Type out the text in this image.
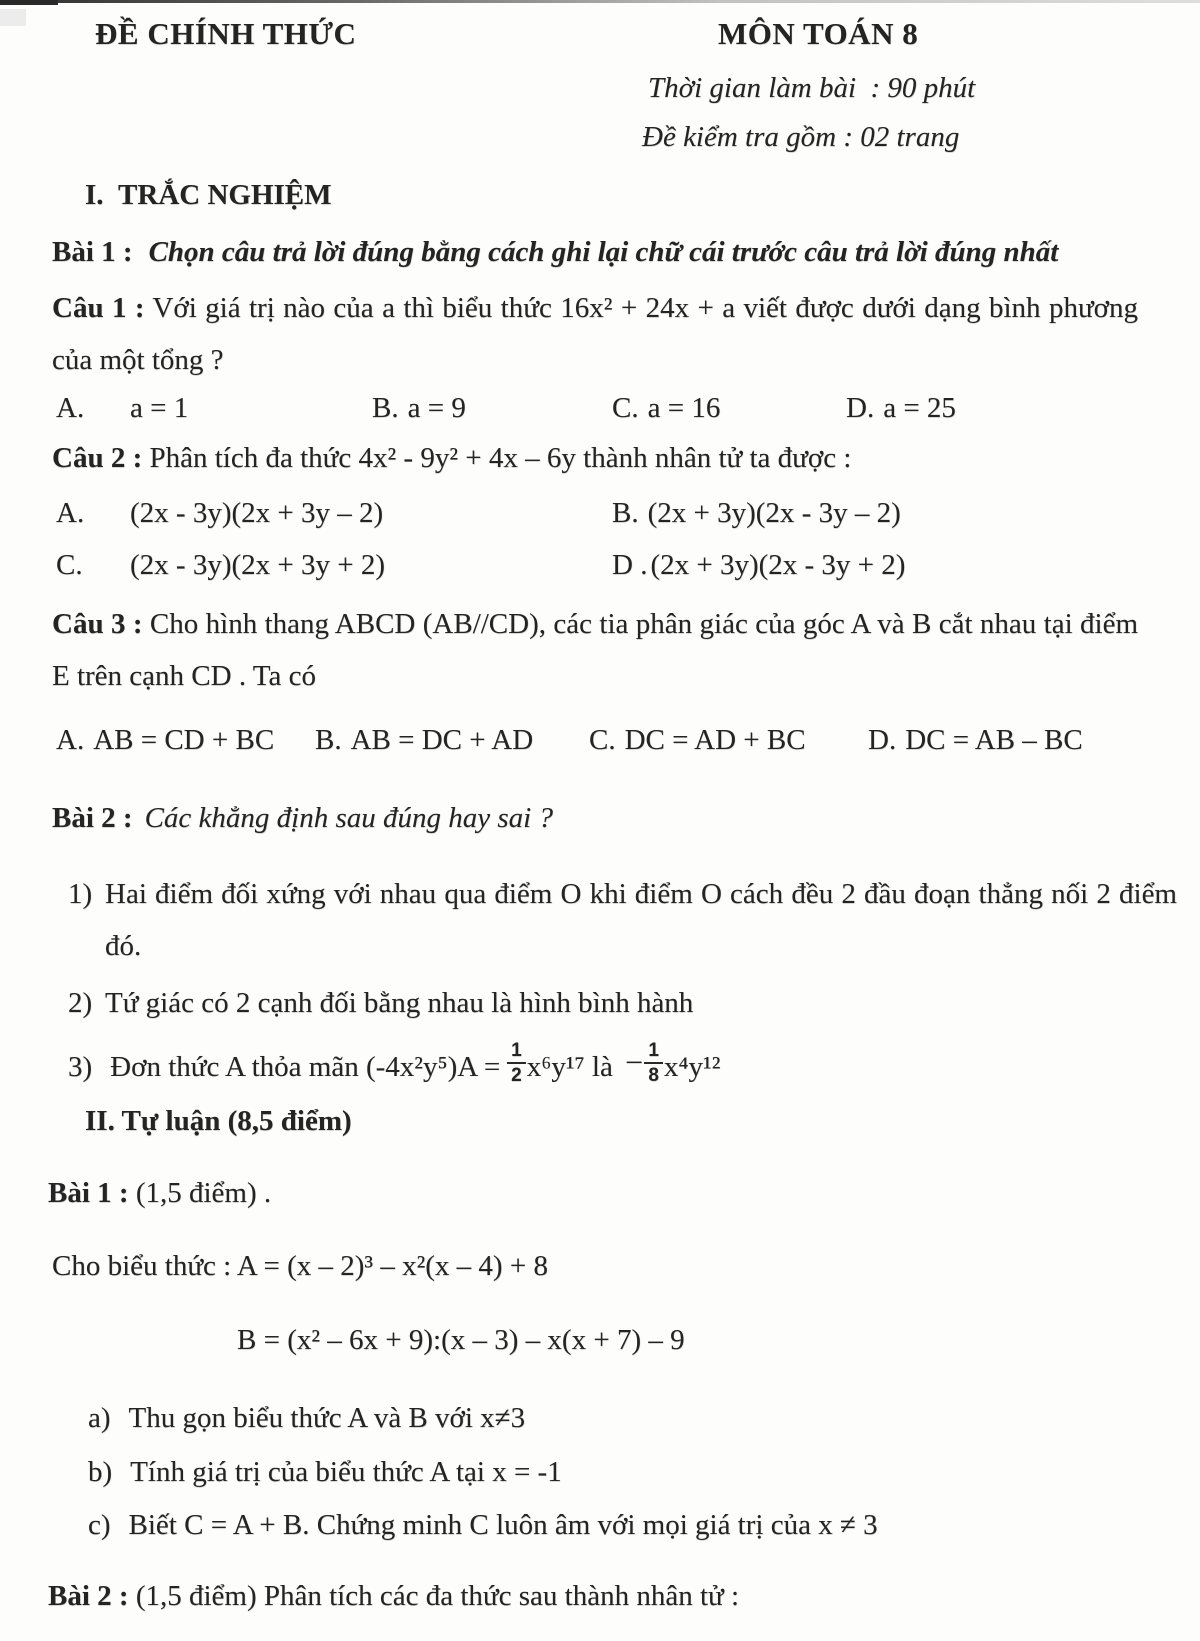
ĐỀ CHÍNH THỨC	MÔN TOÁN 8
Thời gian làm bài  : 90 phút
Đề kiểm tra gồm : 02 trang
I.  TRẮC NGHIỆM
Bài 1 : Chọn câu trả lời đúng bằng cách ghi lại chữ cái trước câu trả lời đúng nhất
Câu 1 : Với giá trị nào của a thì biểu thức 16x² + 24x + a viết được dưới dạng bình phương của một tổng ?
A. a = 1	B. a = 9	C. a = 16	D. a = 25
Câu 2 : Phân tích đa thức 4x² - 9y² + 4x – 6y thành nhân tử ta được :
A. (2x - 3y)(2x + 3y – 2)	B. (2x + 3y)(2x - 3y – 2)
C. (2x - 3y)(2x + 3y + 2)	D . (2x + 3y)(2x - 3y + 2)
Câu 3 : Cho hình thang ABCD (AB//CD), các tia phân giác của góc A và B cắt nhau tại điểm E trên cạnh CD . Ta có
A. AB = CD + BC B. AB = DC + AD C. DC = AD + BC D. DC = AB – BC
Bài 2 : Các khẳng định sau đúng hay sai ?
1) Hai điểm đối xứng với nhau qua điểm O khi điểm O cách đều 2 đầu đoạn thẳng nối 2 điểm đó.
2) Tứ giác có 2 cạnh đối bằng nhau là hình bình hành
3) Đơn thức A thỏa mãn $(-4x^2y^5)A = \frac{1}{2} x^6y^{17}$ là – $\frac{1}{8} x^4y^{12}$
II. Tự luận (8,5 điểm)
Bài 1 : (1,5 điểm) .
Cho biểu thức : A = (x – 2)³ – x²(x – 4) + 8
B = (x² – 6x + 9):(x – 3) – x(x + 7) – 9
a) Thu gọn biểu thức A và B với x≠3
b) Tính giá trị của biểu thức A tại x = -1
c) Biết C = A + B. Chứng minh C luôn âm với mọi giá trị của x ≠ 3
Bài 2 : (1,5 điểm) Phân tích các đa thức sau thành nhân tử :
